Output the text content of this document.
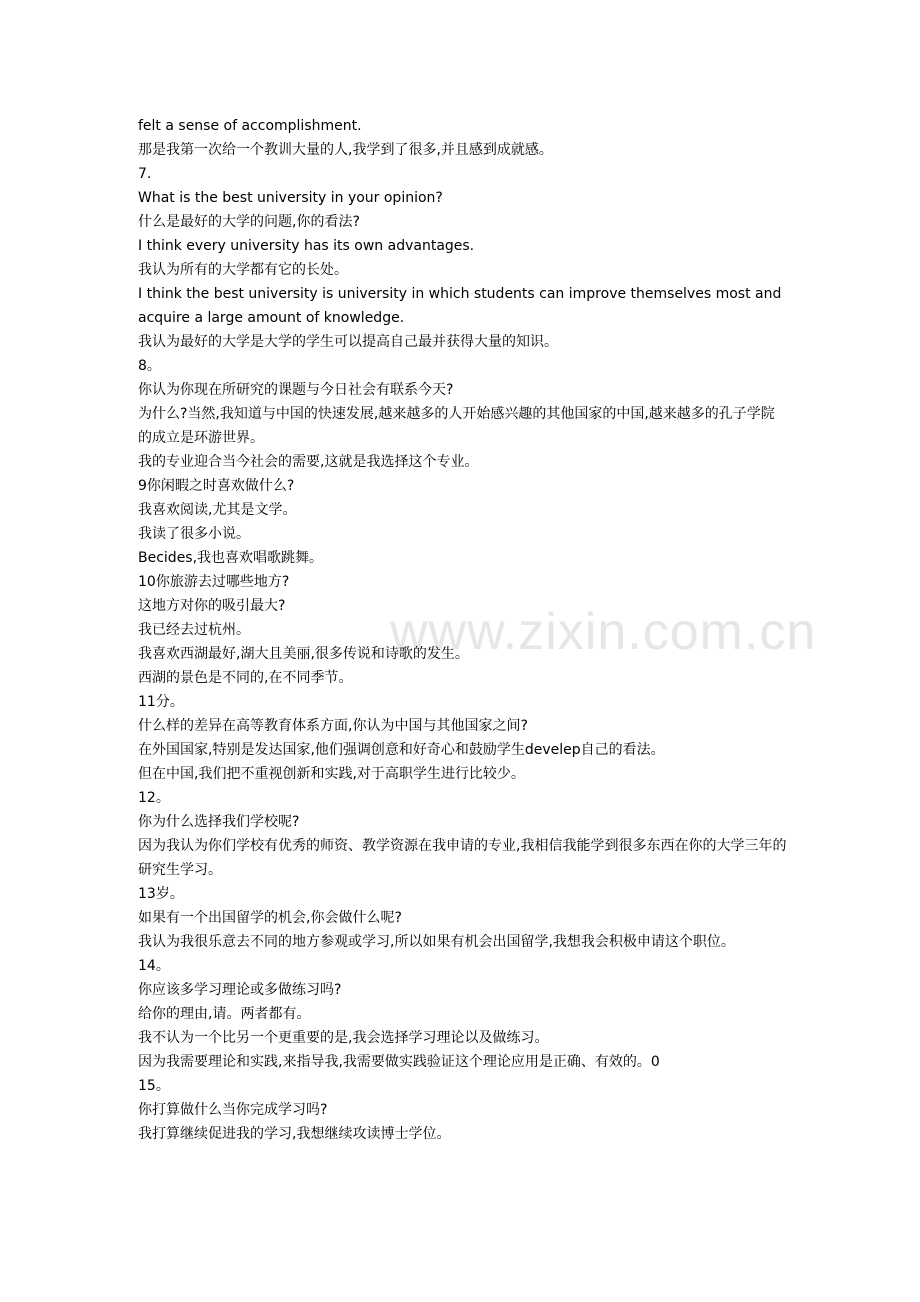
www.zixin.com.cn
felt a sense of accomplishment.
那是我第一次给一个教训大量的人,我学到了很多,并且感到成就感。
7.
What is the best university in your opinion?
什么是最好的大学的问题,你的看法?
I think every university has its own advantages.
我认为所有的大学都有它的长处。
I think the best university is university in which students can improve themselves most and acquire a large amount of knowledge.
我认为最好的大学是大学的学生可以提高自己最并获得大量的知识。
8。
你认为你现在所研究的课题与今日社会有联系今天?
为什么?当然,我知道与中国的快速发展,越来越多的人开始感兴趣的其他国家的中国,越来越多的孔子学院的成立是环游世界。
我的专业迎合当今社会的需要,这就是我选择这个专业。
9你闲暇之时喜欢做什么?
我喜欢阅读,尤其是文学。
我读了很多小说。
Becides,我也喜欢唱歌跳舞。
10你旅游去过哪些地方?
这地方对你的吸引最大?
我已经去过杭州。
我喜欢西湖最好,湖大且美丽,很多传说和诗歌的发生。
西湖的景色是不同的,在不同季节。
11分。
什么样的差异在高等教育体系方面,你认为中国与其他国家之间?
在外国国家,特别是发达国家,他们强调创意和好奇心和鼓励学生develep自己的看法。
但在中国,我们把不重视创新和实践,对于高职学生进行比较少。
12。
你为什么选择我们学校呢?
因为我认为你们学校有优秀的师资、教学资源在我申请的专业,我相信我能学到很多东西在你的大学三年的研究生学习。
13岁。
如果有一个出国留学的机会,你会做什么呢?
我认为我很乐意去不同的地方参观或学习,所以如果有机会出国留学,我想我会积极申请这个职位。
14。
你应该多学习理论或多做练习吗?
给你的理由,请。两者都有。
我不认为一个比另一个更重要的是,我会选择学习理论以及做练习。
因为我需要理论和实践,来指导我,我需要做实践验证这个理论应用是正确、有效的。0
15。
你打算做什么当你完成学习吗?
我打算继续促进我的学习,我想继续攻读博士学位。
